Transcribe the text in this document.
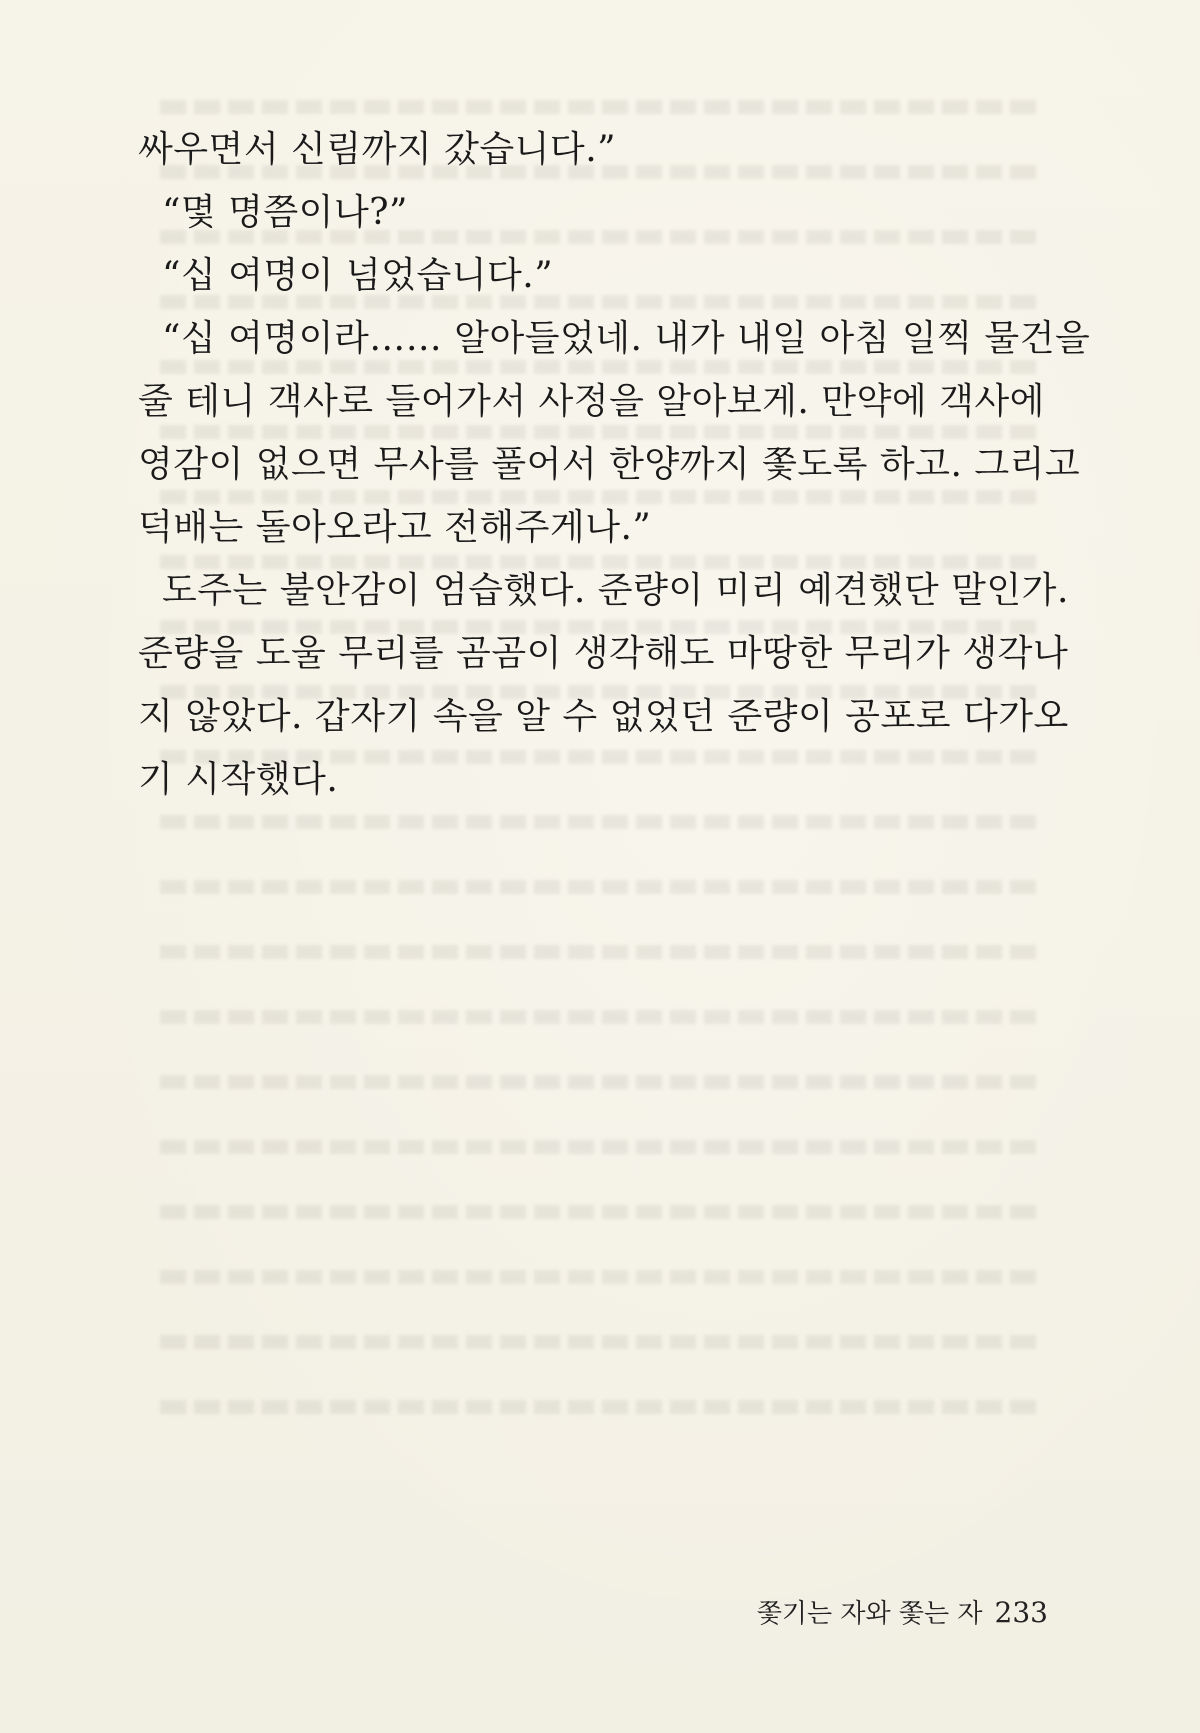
싸우면서 신림까지 갔습니다.”
“몇 명쯤이나?”
“십 여명이 넘었습니다.”
“십 여명이라…… 알아들었네. 내가 내일 아침 일찍 물건을
줄 테니 객사로 들어가서 사정을 알아보게. 만약에 객사에
영감이 없으면 무사를 풀어서 한양까지 쫓도록 하고. 그리고
덕배는 돌아오라고 전해주게나.”
도주는 불안감이 엄습했다. 준량이 미리 예견했단 말인가.
준량을 도울 무리를 곰곰이 생각해도 마땅한 무리가 생각나
지 않았다. 갑자기 속을 알 수 없었던 준량이 공포로 다가오
기 시작했다.
쫓기는 자와 쫓는 자 233
